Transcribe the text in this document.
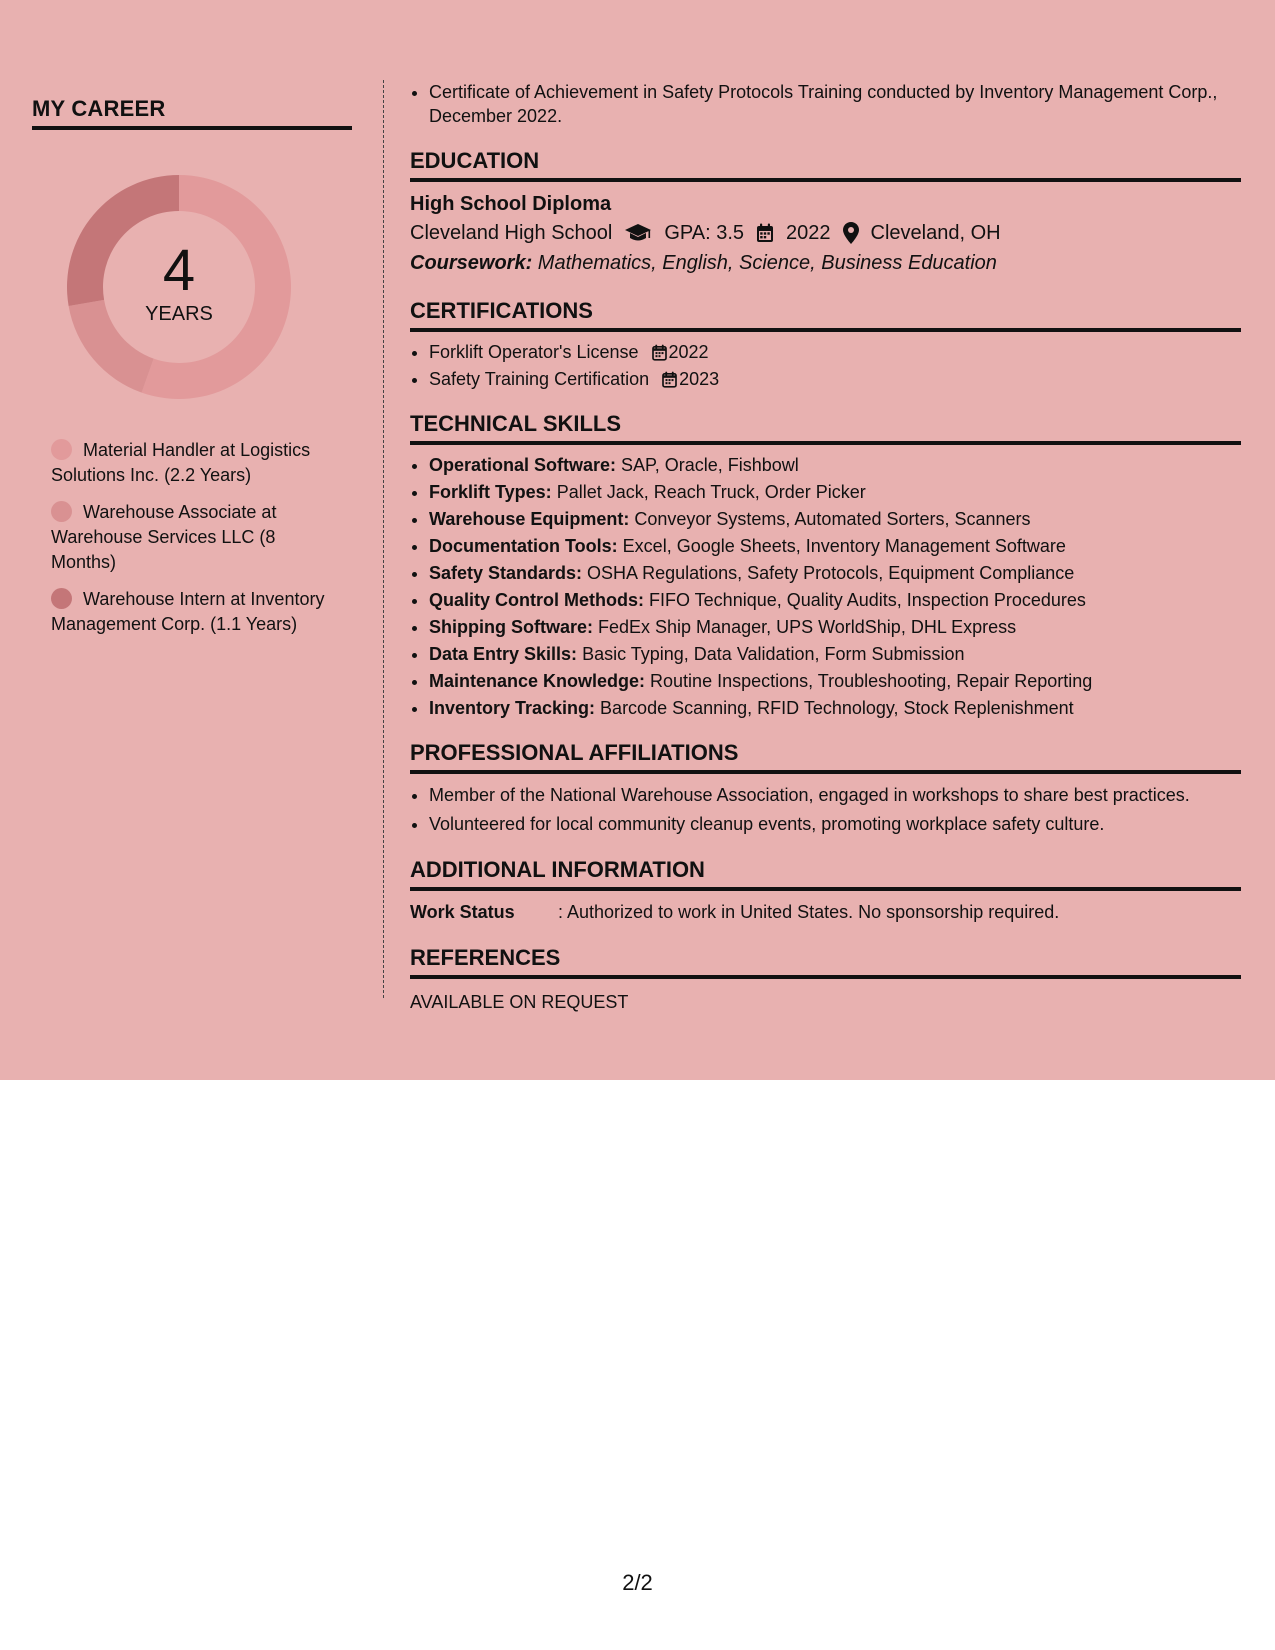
MY CAREER
4
YEARS
Material Handler at Logistics Solutions Inc. (2.2 Years)
Warehouse Associate at Warehouse Services LLC (8 Months)
Warehouse Intern at Inventory Management Corp. (1.1 Years)
• Certificate of Achievement in Safety Protocols Training conducted by Inventory Management Corp., December 2022.
EDUCATION
High School Diploma
Cleveland High School	GPA: 3.5 2022 Cleveland, OH
Coursework: Mathematics, English, Science, Business Education
CERTIFICATIONS
• Forklift Operator's License 2022
• Safety Training Certification 2023
TECHNICAL SKILLS
• Operational Software: SAP, Oracle, Fishbowl
• Forklift Types: Pallet Jack, Reach Truck, Order Picker
• Warehouse Equipment: Conveyor Systems, Automated Sorters, Scanners
• Documentation Tools: Excel, Google Sheets, Inventory Management Software
• Safety Standards: OSHA Regulations, Safety Protocols, Equipment Compliance
• Quality Control Methods: FIFO Technique, Quality Audits, Inspection Procedures
• Shipping Software: FedEx Ship Manager, UPS WorldShip, DHL Express
• Data Entry Skills: Basic Typing, Data Validation, Form Submission
• Maintenance Knowledge: Routine Inspections, Troubleshooting, Repair Reporting
• Inventory Tracking: Barcode Scanning, RFID Technology, Stock Replenishment
PROFESSIONAL AFFILIATIONS
• Member of the National Warehouse Association, engaged in workshops to share best practices.
• Volunteered for local community cleanup events, promoting workplace safety culture.
ADDITIONAL INFORMATION
Work Status	: Authorized to work in United States. No sponsorship required.
REFERENCES
AVAILABLE ON REQUEST
2/2
